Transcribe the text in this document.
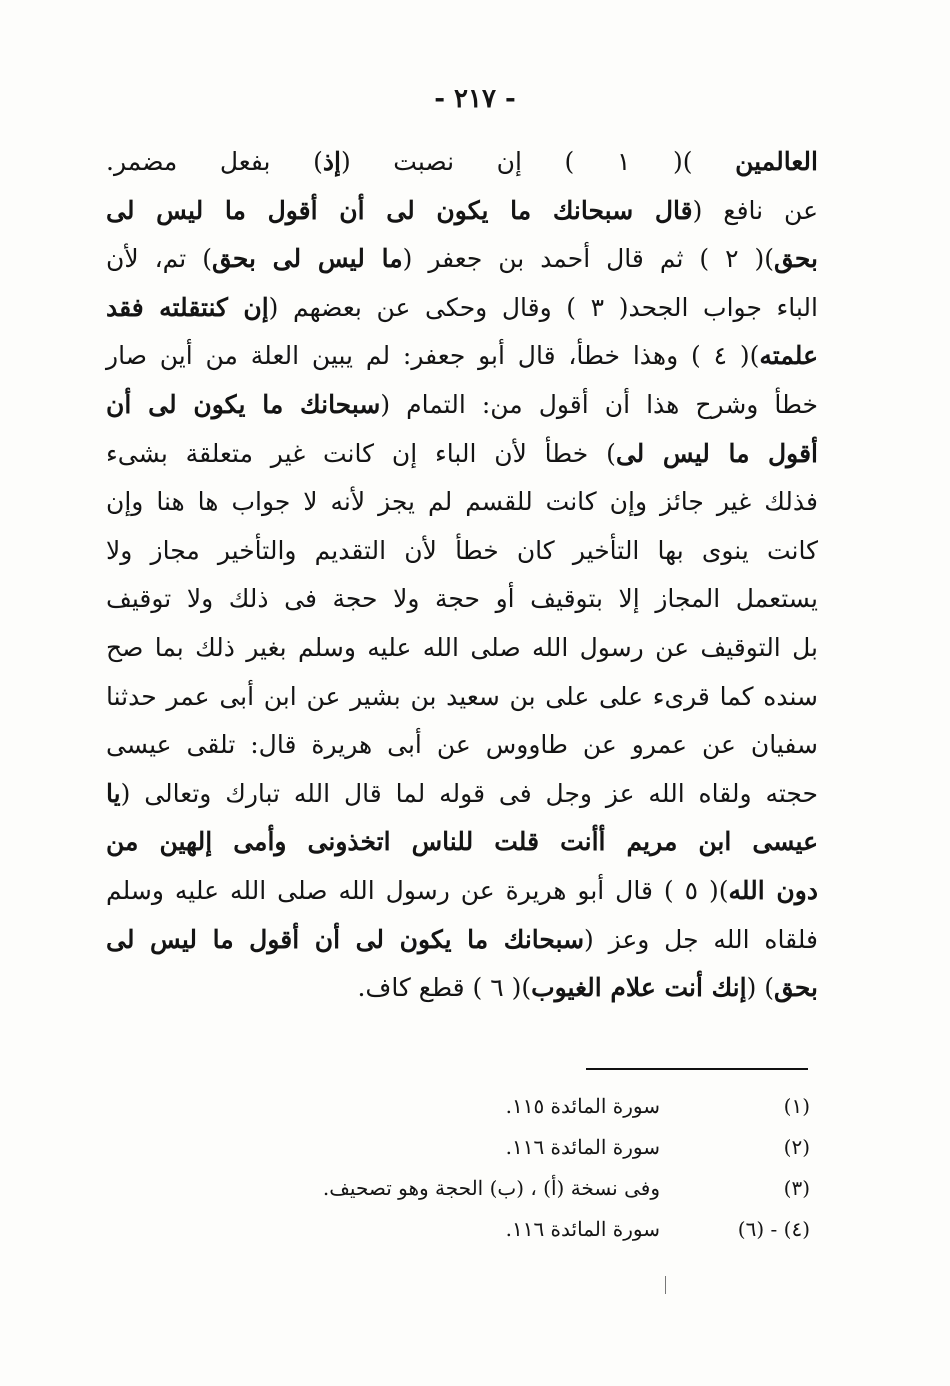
- ٢١٧ -
العالمين )( ١ ) إن نصبت (إذ) بفعل مضمر.
عن نافع (قال سبحانك ما يكون لى أن أقول ما ليس لى
بحق)( ٢ ) ثم قال أحمد بن جعفر (ما ليس لى بحق) تم، لأن
الباء جواب الجحد( ٣ ) وقال وحكى عن بعضهم (إن كنتقلته فقد
علمته)( ٤ ) وهذا خطأ، قال أبو جعفر: لم يبين العلة من أين صار
خطأ وشرح هذا أن أقول من: التمام (سبحانك ما يكون لى أن
أقول ما ليس لى) خطأ لأن الباء إن كانت غير متعلقة بشىء
فذلك غير جائز وإن كانت للقسم لم يجز لأنه لا جواب ها هنا وإن
كانت ينوى بها التأخير كان خطأ لأن التقديم والتأخير مجاز ولا
يستعمل المجاز إلا بتوقيف أو حجة ولا حجة فى ذلك ولا توقيف
بل التوقيف عن رسول الله صلى الله عليه وسلم بغير ذلك بما صح
سنده كما قرىء على على بن سعيد بن بشير عن ابن أبى عمر حدثنا
سفيان عن عمرو عن طاووس عن أبى هريرة قال: تلقى عيسى
حجته ولقاه الله عز وجل فى قوله لما قال الله تبارك وتعالى (يا
عيسى ابن مريم أأنت قلت للناس اتخذونى وأمى إلهين من
دون الله)( ٥ ) قال أبو هريرة عن رسول الله صلى الله عليه وسلم
فلقاه الله جل وعز (سبحانك ما يكون لى أن أقول ما ليس لى
بحق) (إنك أنت علام الغيوب)( ٦ ) قطع كاف.
(١)
سورة المائدة ١١٥.
(٢)
سورة المائدة ١١٦.
(٣)
وفى نسخة (أ) ، (ب) الحجة وهو تصحيف.
(٤) - (٦)
سورة المائدة ١١٦.
